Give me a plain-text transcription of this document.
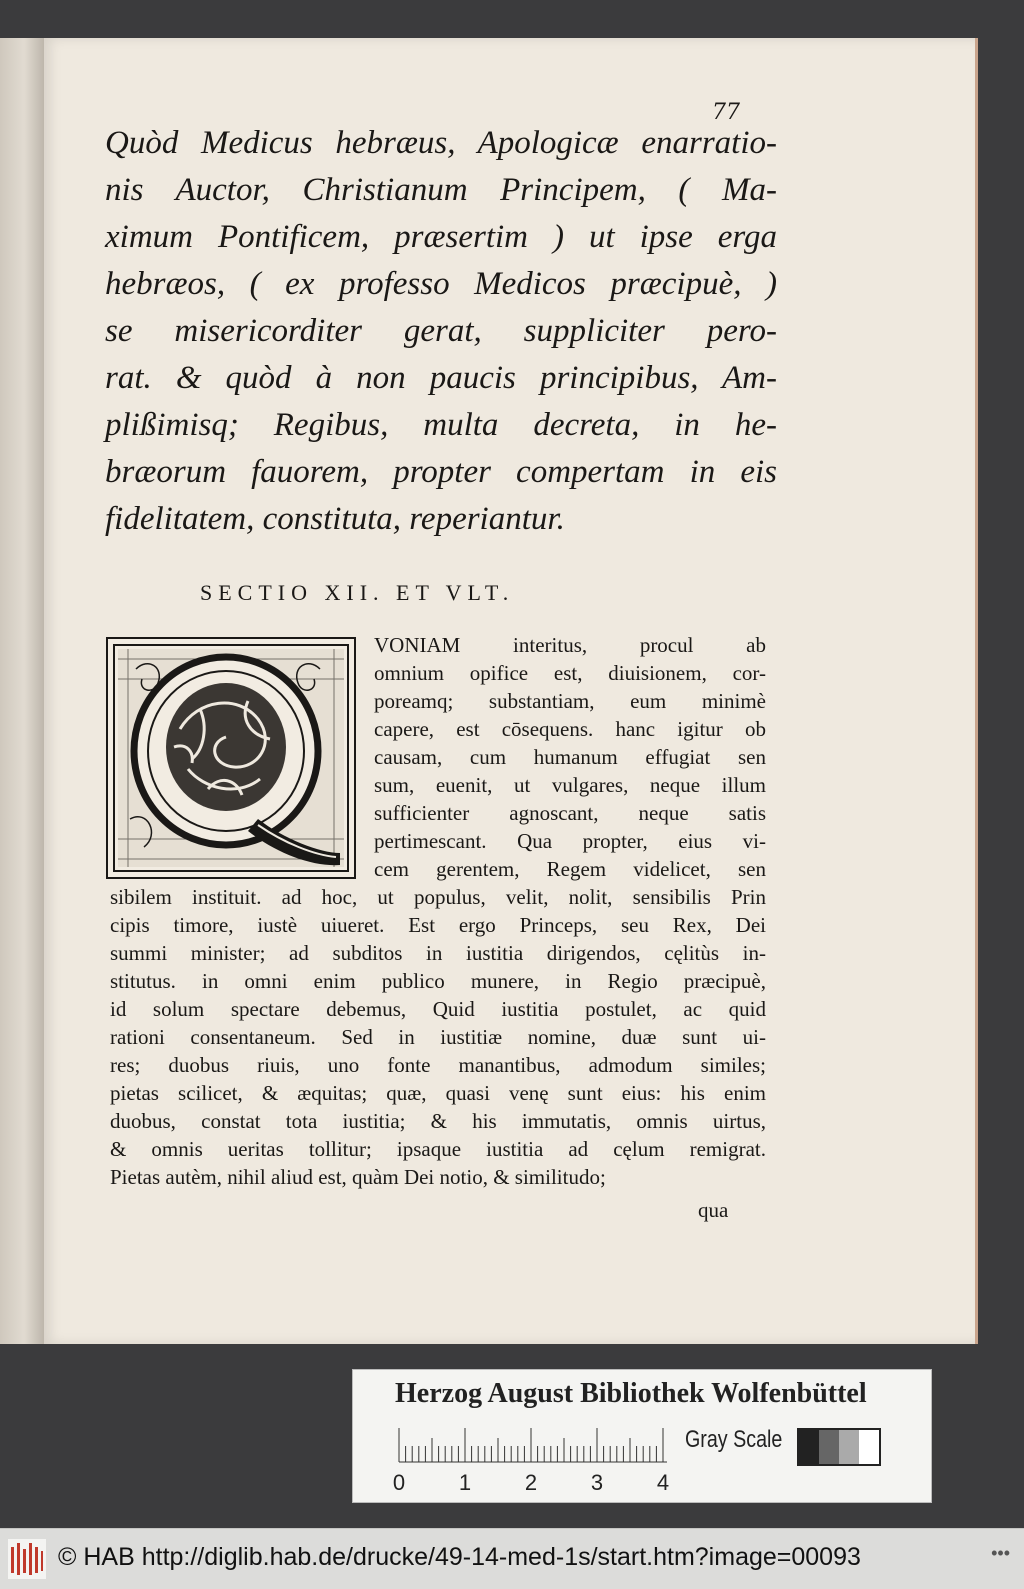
77
Quòd Medicus hebræus, Apologicæ enarratio-
nis Auctor, Christianum Principem, ( Ma-
ximum Pontificem, præsertim ) ut ipse erga
hebræos, ( ex professo Medicos præcipuè, )
se misericorditer gerat, suppliciter pero-
rat. & quòd à non paucis principibus, Am-
plißimisq; Regibus, multa decreta, in he-
bræorum fauorem, propter compertam in eis
fidelitatem, constituta, reperiantur.
SECTIO XII. ET VLT.
VONIAM interitus, procul ab
omnium opifice est, diuisionem, cor-
poreamq; substantiam, eum minimè
capere, est cōsequens. hanc igitur ob
causam, cum humanum effugiat sen
sum, euenit, ut vulgares, neque illum
sufficienter agnoscant, neque satis
pertimescant. Qua propter, eius vi-
cem gerentem, Regem videlicet, sen
sibilem instituit. ad hoc, ut populus, velit, nolit, sensibilis Prin
cipis timore, iustè uiueret. Est ergo Princeps, seu Rex, Dei
summi minister; ad subditos in iustitia dirigendos, cęlitùs in-
stitutus. in omni enim publico munere, in Regio præcipuè,
id solum spectare debemus, Quid iustitia postulet, ac quid
rationi consentaneum. Sed in iustitiæ nomine, duæ sunt ui-
res; duobus riuis, uno fonte manantibus, admodum similes;
pietas scilicet, & æquitas; quæ, quasi venę sunt eius: his enim
duobus, constat tota iustitia; & his immutatis, omnis uirtus,
& omnis ueritas tollitur; ipsaque iustitia ad cęlum remigrat.
Pietas autèm, nihil aliud est, quàm Dei notio, & similitudo;
qua
Herzog August Bibliothek Wolfenbüttel
0 1 2 3 4
Gray Scale
© HAB http://diglib.hab.de/drucke/49-14-med-1s/start.htm?image=00093	•••
